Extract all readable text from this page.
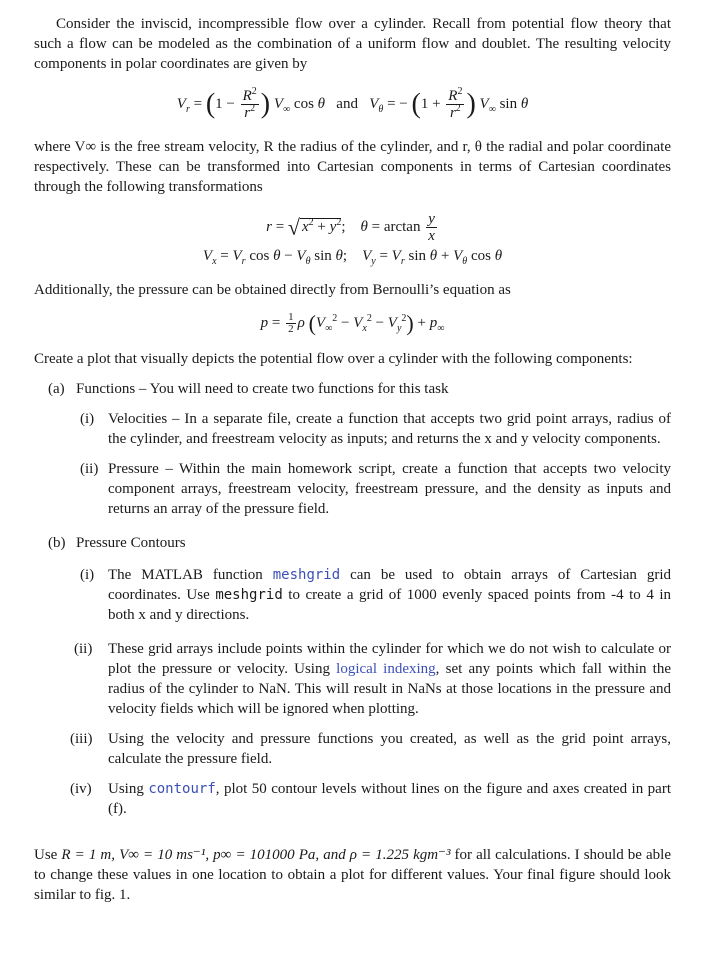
Consider the inviscid, incompressible flow over a cylinder. Recall from potential flow theory that such a flow can be modeled as the combination of a uniform flow and doublet. The resulting velocity components in polar coordinates are given by

$V_r = (1 - \frac{R^2}{r^2}$ ) $V_\infty$ cos θ and $V_\theta$ = − ($1 + \frac{R^2}{r^2}$ ) $V_\infty$ sin θ

where V∞ is the free stream velocity, R the radius of the cylinder, and r, θ the radial and polar coordinate respectively. These can be transformed into Cartesian components in terms of Cartesian coordinates through the following transformations

r = √ $x^2 + y^2$;    $\theta = \arctan \frac{y}{x}$
$V_x = V_r$ $\cos \theta - V_\theta$ sin θ;    $V_y = V_r$ $\sin \theta + V_\theta$ cos θ

Additionally, the pressure can be obtained directly from Bernoulli’s equation as

$p = \frac{1}{2}$ ρ $(V_\infty^2 - V_x^2 - V_y^2) + p_\infty$

Create a plot that visually depicts the potential flow over a cylinder with the following components:

(a) Functions – You will need to create two functions for this task
(i) Velocities – In a separate file, create a function that accepts two grid point arrays, radius of the cylinder, and freestream velocity as inputs; and returns the x and y velocity components.
(ii) Pressure – Within the main homework script, create a function that accepts two velocity component arrays, freestream velocity, freestream pressure, and the density as inputs and returns an array of the pressure field.
(b) Pressure Contours
(i) The MATLAB function meshgrid can be used to obtain arrays of Cartesian grid coordinates. Use meshgrid to create a grid of 1000 evenly spaced points from -4 to 4 in both x and y directions.
(ii)	These grid arrays include points within the cylinder for which we do not wish to calculate or plot the pressure or velocity. Using logical indexing, set any points which fall within the radius of the cylinder to NaN. This will result in NaNs at those locations in the pressure and velocity fields which will be ignored when plotting.
(iii)	Using the velocity and pressure functions you created, as well as the grid point arrays, calculate the pressure field.
(iv)	Using contourf, plot 50 contour levels without lines on the figure and axes created in part (f).

Use R = 1 m, V∞ = 10 ms⁻¹, p∞ = 101000 Pa, and ρ = 1.225 kgm⁻³ for all calculations. I should be able to change these values in one location to obtain a plot for different values. Your final figure should look similar to fig. 1.
